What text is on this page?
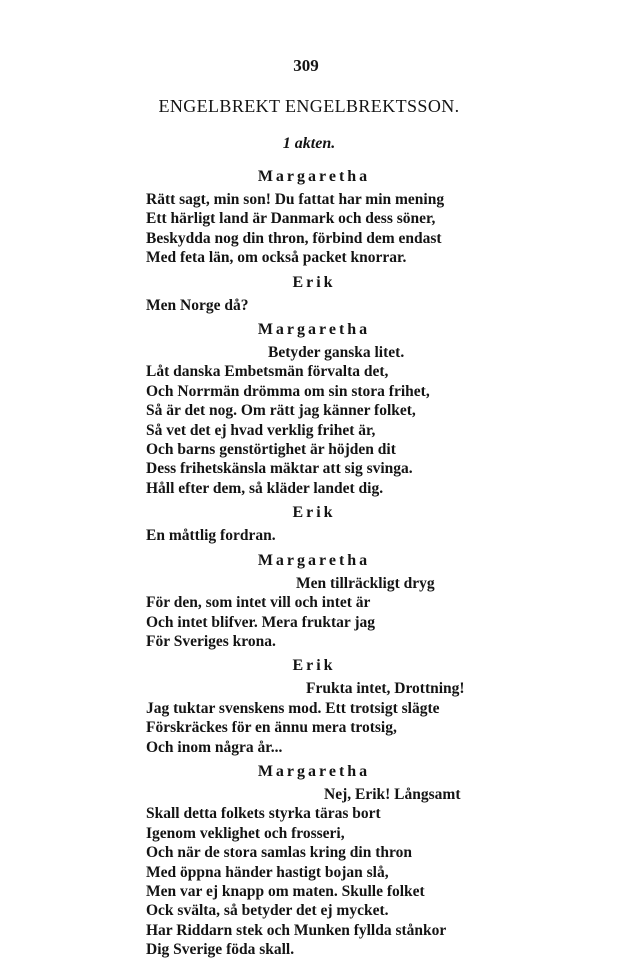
309
ENGELBREKT ENGELBREKTSSON.
1 akten.
Margaretha
Rätt sagt, min son! Du fattat har min mening
Ett härligt land är Danmark och dess söner,
Beskydda nog din thron, förbind dem endast
Med feta län, om också packet knorrar.
Erik
Men Norge då?
Margaretha
Betyder ganska litet.
Låt danska Embetsmän förvalta det,
Och Norrmän drömma om sin stora frihet,
Så är det nog. Om rätt jag känner folket,
Så vet det ej hvad verklig frihet är,
Och barns genstörtighet är höjden dit
Dess frihetskänsla mäktar att sig svinga.
Håll efter dem, så kläder landet dig.
Erik
En måttlig fordran.
Margaretha
Men tillräckligt dryg
För den, som intet vill och intet är
Och intet blifver. Mera fruktar jag
För Sveriges krona.
Erik
Frukta intet, Drottning!
Jag tuktar svenskens mod. Ett trotsigt slägte
Förskräckes för en ännu mera trotsig,
Och inom några år...
Margaretha
Nej, Erik! Långsamt
Skall detta folkets styrka täras bort
Igenom veklighet och frosseri,
Och när de stora samlas kring din thron
Med öppna händer hastigt bojan slå,
Men var ej knapp om maten. Skulle folket
Ock svälta, så betyder det ej mycket.
Har Riddarn stek och Munken fyllda stånkor
Dig Sverige föda skall.
